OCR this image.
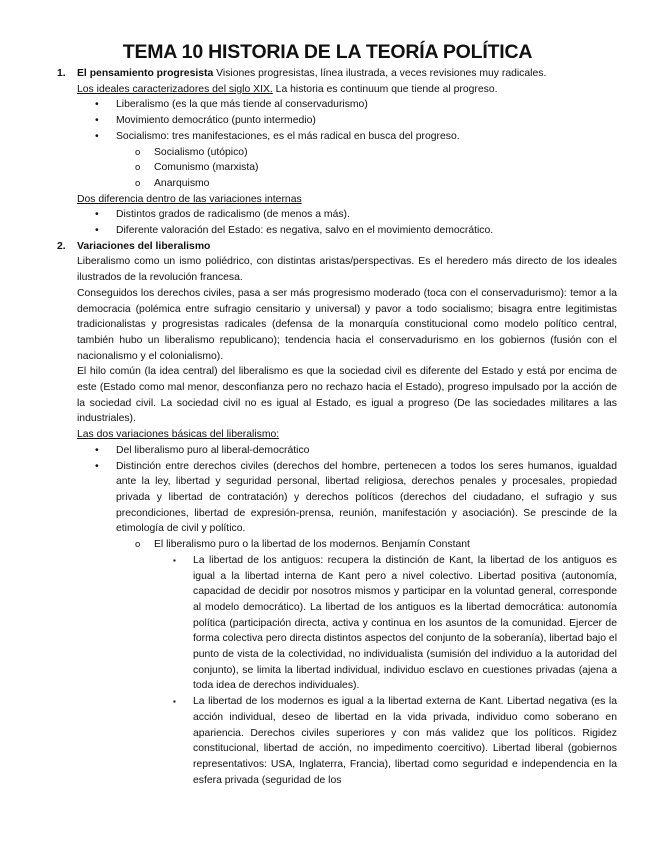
TEMA 10 HISTORIA DE LA TEORÍA POLÍTICA
1. El pensamiento progresista Visiones progresistas, línea ilustrada, a veces revisiones muy radicales.
Los ideales caracterizadores del siglo XIX. La historia es continuum que tiende al progreso.
• Liberalismo (es la que más tiende al conservadurismo)
• Movimiento democrático (punto intermedio)
• Socialismo: tres manifestaciones, es el más radical en busca del progreso.
o Socialismo (utópico)
o Comunismo (marxista)
o Anarquismo
Dos diferencia dentro de las variaciones internas
• Distintos grados de radicalismo (de menos a más).
• Diferente valoración del Estado: es negativa, salvo en el movimiento democrático.
2. Variaciones del liberalismo
Liberalismo como un ismo poliédrico, con distintas aristas/perspectivas. Es el heredero más directo de los ideales ilustrados de la revolución francesa.
Conseguidos los derechos civiles, pasa a ser más progresismo moderado (toca con el conservadurismo): temor a la democracia (polémica entre sufragio censitario y universal) y pavor a todo socialismo; bisagra entre legitimistas tradicionalistas y progresistas radicales (defensa de la monarquía constitucional como modelo político central, también hubo un liberalismo republicano); tendencia hacia el conservadurismo en los gobiernos (fusión con el nacionalismo y el colonialismo).
El hilo común (la idea central) del liberalismo es que la sociedad civil es diferente del Estado y está por encima de este (Estado como mal menor, desconfianza pero no rechazo hacia el Estado), progreso impulsado por la acción de la sociedad civil. La sociedad civil no es igual al Estado, es igual a progreso (De las sociedades militares a las industriales).
Las dos variaciones básicas del liberalismo:
• Del liberalismo puro al liberal-democrático
• Distinción entre derechos civiles (derechos del hombre, pertenecen a todos los seres humanos, igualdad ante la ley, libertad y seguridad personal, libertad religiosa, derechos penales y procesales, propiedad privada y libertad de contratación) y derechos políticos (derechos del ciudadano, el sufragio y sus precondiciones, libertad de expresión-prensa, reunión, manifestación y asociación). Se prescinde de la etimología de civil y político.
o El liberalismo puro o la libertad de los modernos. Benjamín Constant
▪ La libertad de los antiguos: recupera la distinción de Kant, la libertad de los antiguos es igual a la libertad interna de Kant pero a nivel colectivo. Libertad positiva (autonomía, capacidad de decidir por nosotros mismos y participar en la voluntad general, corresponde al modelo democrático). La libertad de los antiguos es la libertad democrática: autonomía política (participación directa, activa y continua en los asuntos de la comunidad. Ejercer de forma colectiva pero directa distintos aspectos del conjunto de la soberanía), libertad bajo el punto de vista de la colectividad, no individualista (sumisión del individuo a la autoridad del conjunto), se limita la libertad individual, individuo esclavo en cuestiones privadas (ajena a toda idea de derechos individuales).
▪ La libertad de los modernos es igual a la libertad externa de Kant. Libertad negativa (es la acción individual, deseo de libertad en la vida privada, individuo como soberano en apariencia. Derechos civiles superiores y con más validez que los políticos. Rigidez constitucional, libertad de acción, no impedimento coercitivo). Libertad liberal (gobiernos representativos: USA, Inglaterra, Francia), libertad como seguridad e independencia en la esfera privada (seguridad de los
